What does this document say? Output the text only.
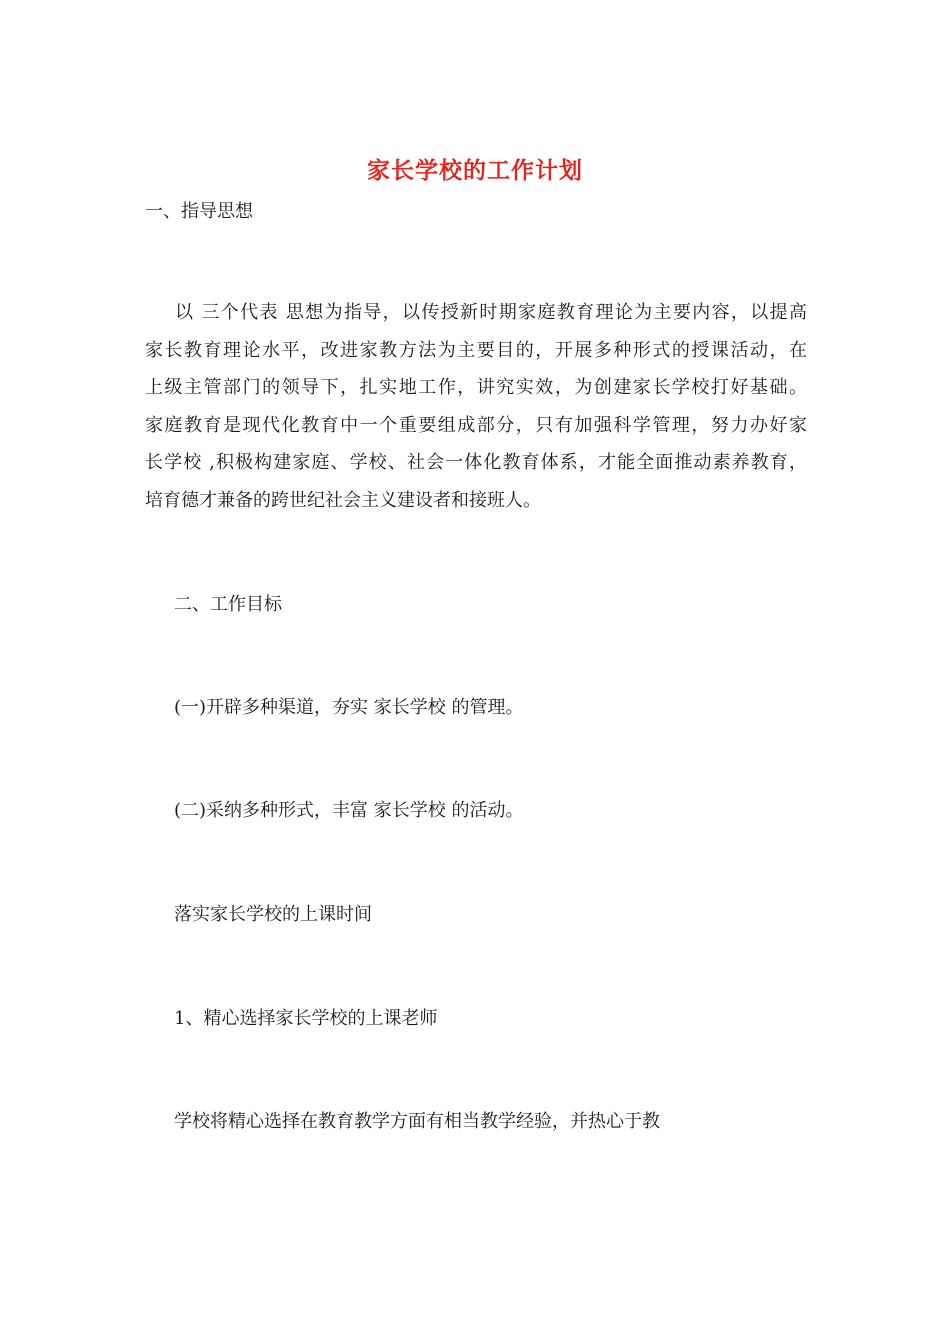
家长学校的工作计划

一、指导思想

以 三个代表 思想为指导，以传授新时期家庭教育理论为主要内容，以提高
家长教育理论水平，改进家教方法为主要目的，开展多种形式的授课活动，在
上级主管部门的领导下，扎实地工作，讲究实效，为创建家长学校打好基础。
家庭教育是现代化教育中一个重要组成部分，只有加强科学管理，努力办好家
长学校 ,积极构建家庭、学校、社会一体化教育体系，才能全面推动素养教育，
培育德才兼备的跨世纪社会主义建设者和接班人。

二、工作目标

(一)开辟多种渠道，夯实 家长学校 的管理。

(二)采纳多种形式，丰富 家长学校 的活动。

落实家长学校的上课时间

1、精心选择家长学校的上课老师

学校将精心选择在教育教学方面有相当教学经验，并热心于教
